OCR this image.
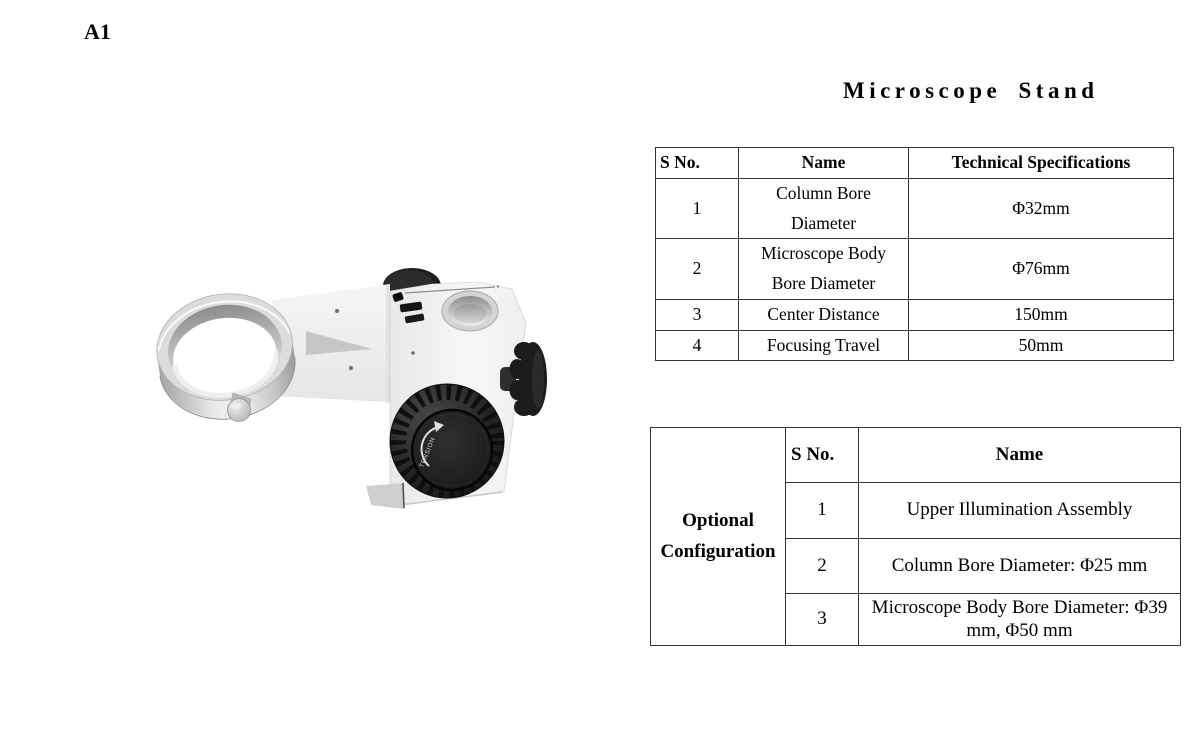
A1
Microscope Stand
TENSION
S No.	Name	Technical Specifications
1	Column Bore Diameter	Φ32mm
2	Microscope Body Bore Diameter	Φ76mm
3	Center Distance	150mm
4	Focusing Travel	50mm
Optional Configuration	S No.	Name
	1	Upper Illumination Assembly
	2	Column Bore Diameter: Φ25 mm
	3	Microscope Body Bore Diameter: Φ39 mm, Φ50 mm
